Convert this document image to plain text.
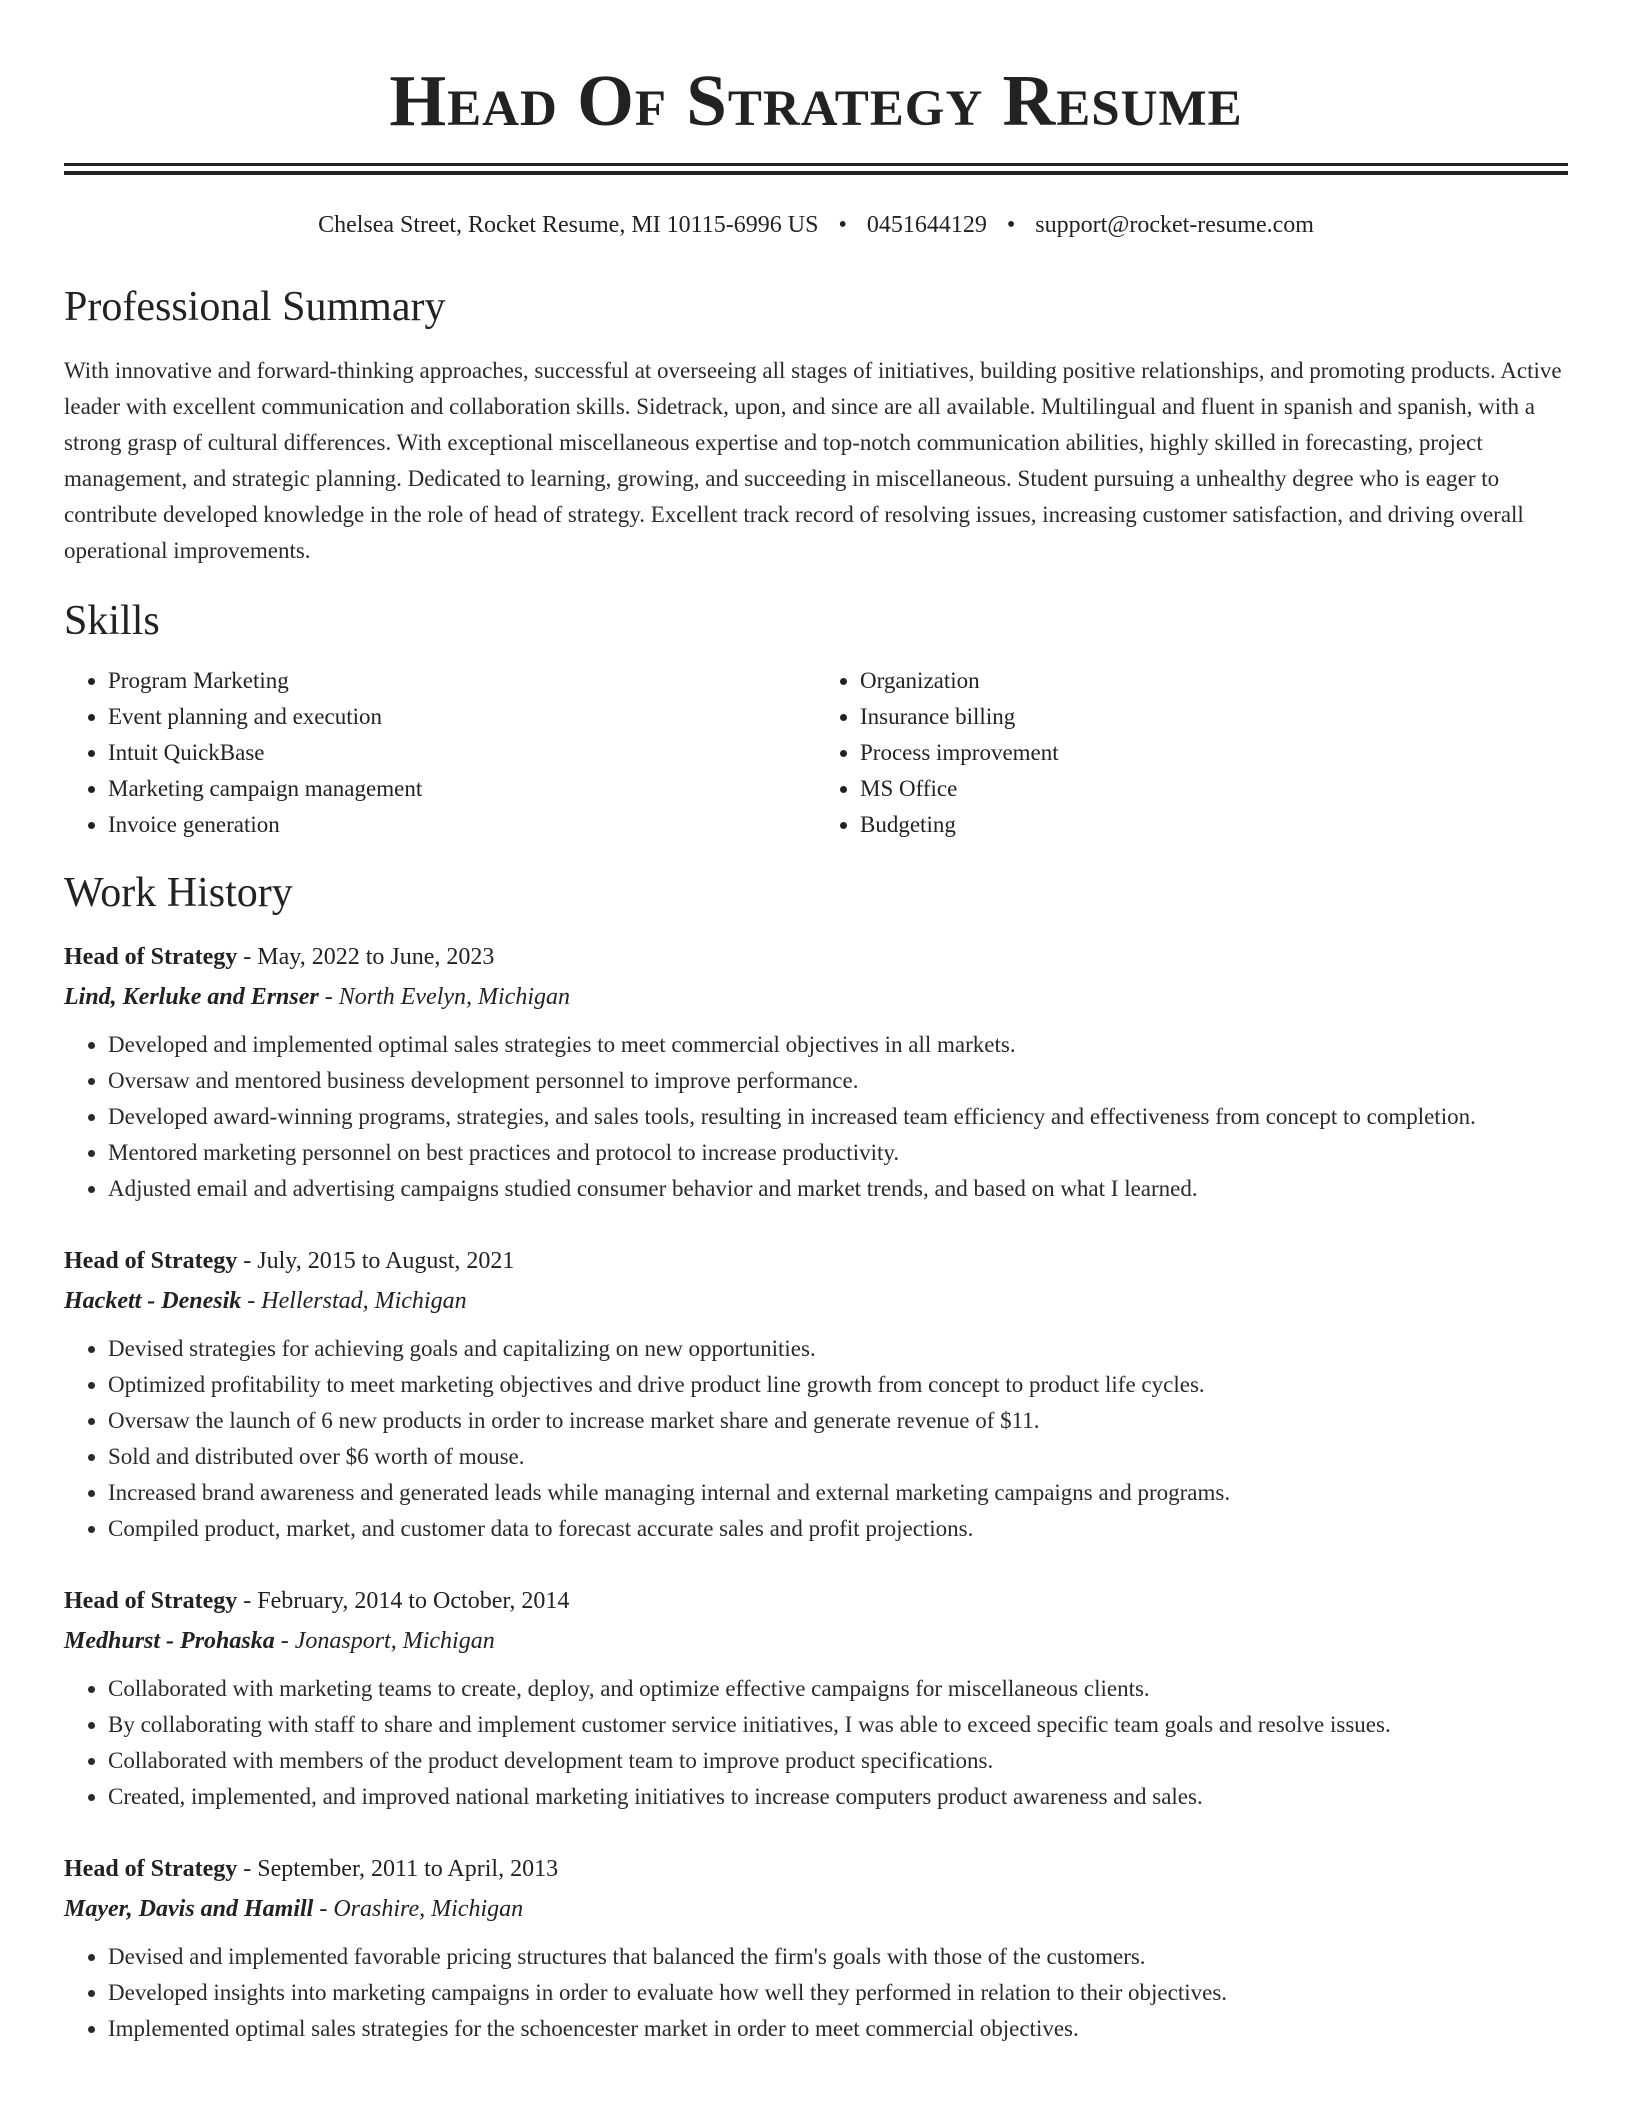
Head Of Strategy Resume
Chelsea Street, Rocket Resume, MI 10115-6996 US • 0451644129 • support@rocket-resume.com
Professional Summary

With innovative and forward-thinking approaches, successful at overseeing all stages of initiatives, building positive relationships, and promoting products. Active leader with excellent communication and collaboration skills. Sidetrack, upon, and since are all available. Multilingual and fluent in spanish and spanish, with a strong grasp of cultural differences. With exceptional miscellaneous expertise and top-notch communication abilities, highly skilled in forecasting, project management, and strategic planning. Dedicated to learning, growing, and succeeding in miscellaneous. Student pursuing a unhealthy degree who is eager to contribute developed knowledge in the role of head of strategy. Excellent track record of resolving issues, increasing customer satisfaction, and driving overall operational improvements.

Skills
• Program Marketing
• Event planning and execution
• Intuit QuickBase
• Marketing campaign management
• Invoice generation
• Organization
• Insurance billing
• Process improvement
• MS Office
• Budgeting
Work History
Head of Strategy - May, 2022 to June, 2023
Lind, Kerluke and Ernser - North Evelyn, Michigan
• Developed and implemented optimal sales strategies to meet commercial objectives in all markets.
• Oversaw and mentored business development personnel to improve performance.
• Developed award-winning programs, strategies, and sales tools, resulting in increased team efficiency and effectiveness from concept to completion.
• Mentored marketing personnel on best practices and protocol to increase productivity.
• Adjusted email and advertising campaigns studied consumer behavior and market trends, and based on what I learned.
Head of Strategy - July, 2015 to August, 2021
Hackett - Denesik - Hellerstad, Michigan
• Devised strategies for achieving goals and capitalizing on new opportunities.
• Optimized profitability to meet marketing objectives and drive product line growth from concept to product life cycles.
• Oversaw the launch of 6 new products in order to increase market share and generate revenue of $11.
• Sold and distributed over $6 worth of mouse.
• Increased brand awareness and generated leads while managing internal and external marketing campaigns and programs.
• Compiled product, market, and customer data to forecast accurate sales and profit projections.
Head of Strategy - February, 2014 to October, 2014
Medhurst - Prohaska - Jonasport, Michigan
• Collaborated with marketing teams to create, deploy, and optimize effective campaigns for miscellaneous clients.
• By collaborating with staff to share and implement customer service initiatives, I was able to exceed specific team goals and resolve issues.
• Collaborated with members of the product development team to improve product specifications.
• Created, implemented, and improved national marketing initiatives to increase computers product awareness and sales.
Head of Strategy - September, 2011 to April, 2013
Mayer, Davis and Hamill - Orashire, Michigan
• Devised and implemented favorable pricing structures that balanced the firm's goals with those of the customers.
• Developed insights into marketing campaigns in order to evaluate how well they performed in relation to their objectives.
• Implemented optimal sales strategies for the schoencester market in order to meet commercial objectives.
